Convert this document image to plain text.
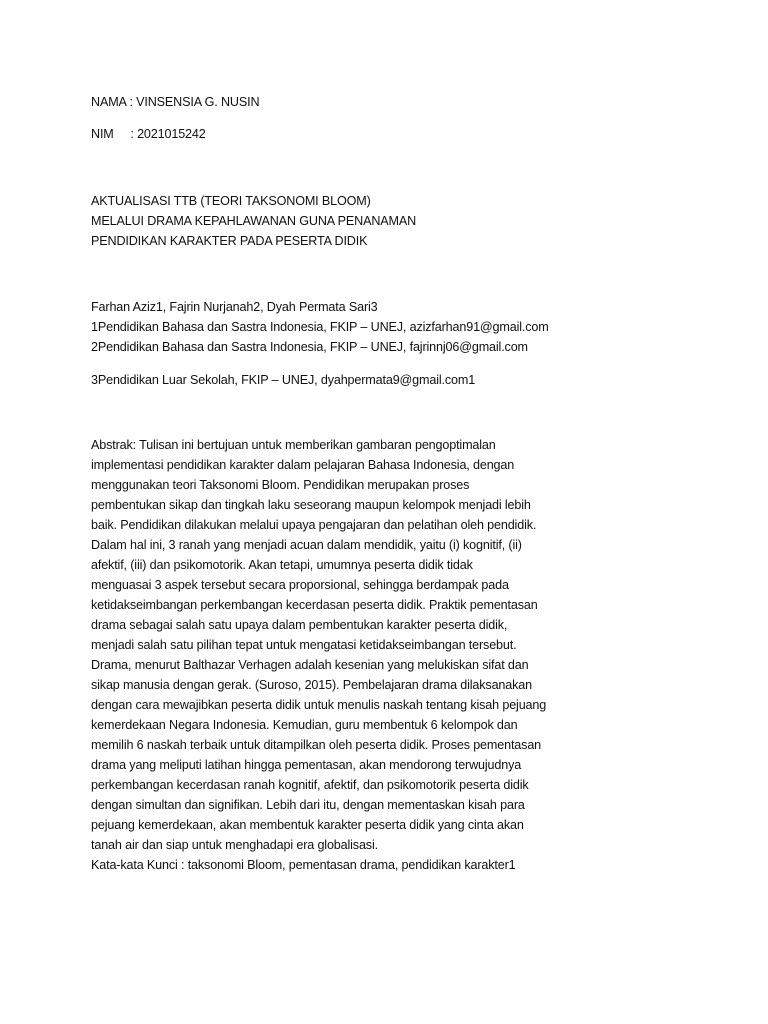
NAMA : VINSENSIA G. NUSIN
NIM     : 2021015242
AKTUALISASI TTB (TEORI TAKSONOMI BLOOM)
MELALUI DRAMA KEPAHLAWANAN GUNA PENANAMAN
PENDIDIKAN KARAKTER PADA PESERTA DIDIK
Farhan Aziz1, Fajrin Nurjanah2, Dyah Permata Sari3
1Pendidikan Bahasa dan Sastra Indonesia, FKIP – UNEJ, azizfarhan91@gmail.com
2Pendidikan Bahasa dan Sastra Indonesia, FKIP – UNEJ, fajrinnj06@gmail.com
3Pendidikan Luar Sekolah, FKIP – UNEJ, dyahpermata9@gmail.com1
Abstrak: Tulisan ini bertujuan untuk memberikan gambaran pengoptimalan
implementasi pendidikan karakter dalam pelajaran Bahasa Indonesia, dengan
menggunakan teori Taksonomi Bloom. Pendidikan merupakan proses
pembentukan sikap dan tingkah laku seseorang maupun kelompok menjadi lebih
baik. Pendidikan dilakukan melalui upaya pengajaran dan pelatihan oleh pendidik.
Dalam hal ini, 3 ranah yang menjadi acuan dalam mendidik, yaitu (i) kognitif, (ii)
afektif, (iii) dan psikomotorik. Akan tetapi, umumnya peserta didik tidak
menguasai 3 aspek tersebut secara proporsional, sehingga berdampak pada
ketidakseimbangan perkembangan kecerdasan peserta didik. Praktik pementasan
drama sebagai salah satu upaya dalam pembentukan karakter peserta didik,
menjadi salah satu pilihan tepat untuk mengatasi ketidakseimbangan tersebut.
Drama, menurut Balthazar Verhagen adalah kesenian yang melukiskan sifat dan
sikap manusia dengan gerak. (Suroso, 2015). Pembelajaran drama dilaksanakan
dengan cara mewajibkan peserta didik untuk menulis naskah tentang kisah pejuang
kemerdekaan Negara Indonesia. Kemudian, guru membentuk 6 kelompok dan
memilih 6 naskah terbaik untuk ditampilkan oleh peserta didik. Proses pementasan
drama yang meliputi latihan hingga pementasan, akan mendorong terwujudnya
perkembangan kecerdasan ranah kognitif, afektif, dan psikomotorik peserta didik
dengan simultan dan signifikan. Lebih dari itu, dengan mementaskan kisah para
pejuang kemerdekaan, akan membentuk karakter peserta didik yang cinta akan
tanah air dan siap untuk menghadapi era globalisasi.
Kata-kata Kunci : taksonomi Bloom, pementasan drama, pendidikan karakter1
